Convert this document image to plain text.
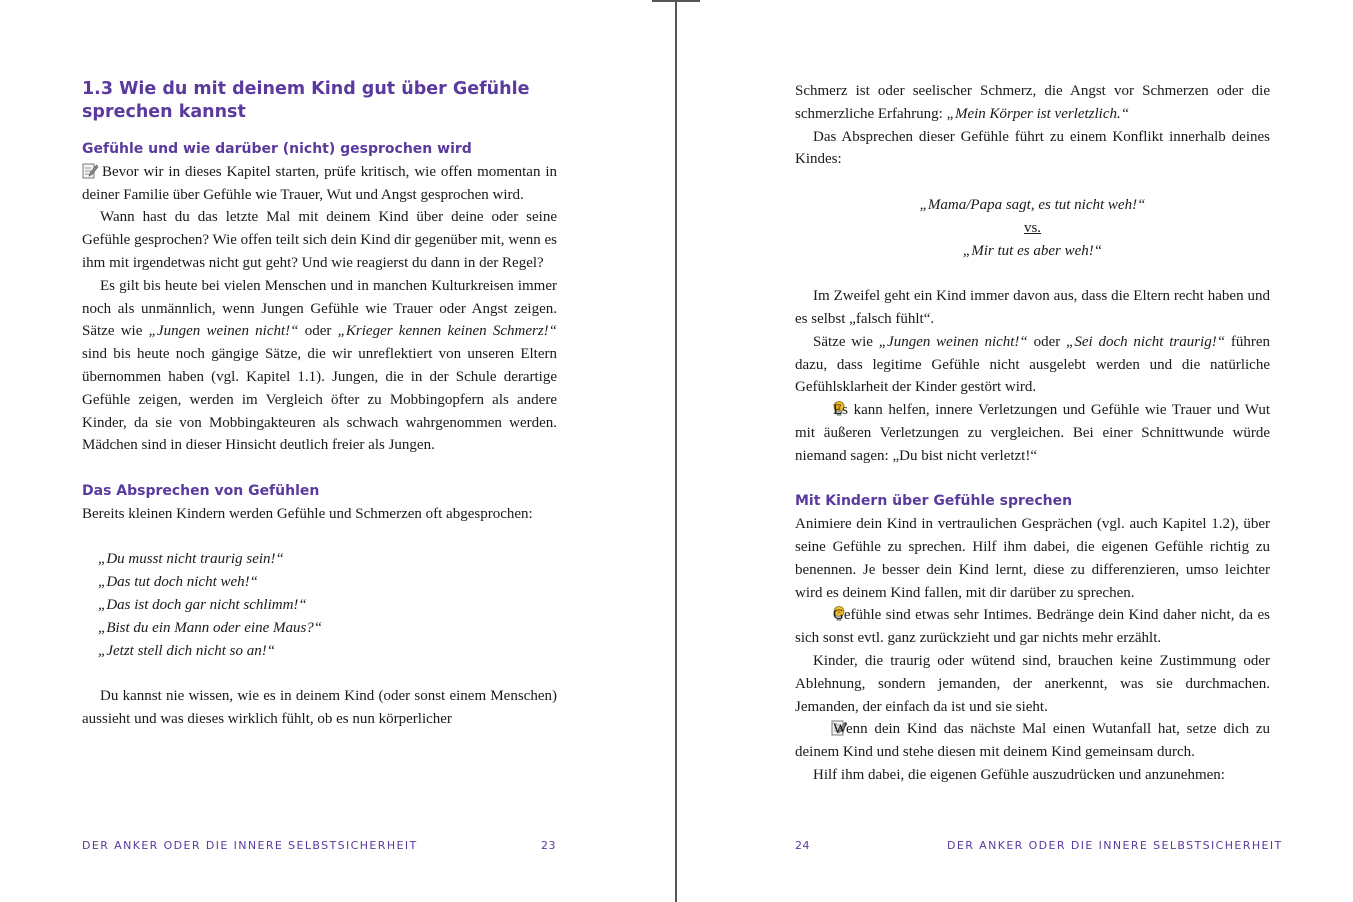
1.3 Wie du mit deinem Kind gut über Gefühle sprechen kannst
Gefühle und wie darüber (nicht) gesprochen wird

Bevor wir in dieses Kapitel starten, prüfe kritisch, wie offen momentan in deiner Familie über Gefühle wie Trauer, Wut und Angst gesprochen wird.

Wann hast du das letzte Mal mit deinem Kind über deine oder seine Gefühle gesprochen? Wie offen teilt sich dein Kind dir gegenüber mit, wenn es ihm mit irgendetwas nicht gut geht? Und wie reagierst du dann in der Regel?

Es gilt bis heute bei vielen Menschen und in manchen Kulturkreisen immer noch als unmännlich, wenn Jungen Gefühle wie Trauer oder Angst zeigen. Sätze wie „Jungen weinen nicht!“ oder „Krieger kennen keinen Schmerz!“ sind bis heute noch gängige Sätze, die wir unreflektiert von unseren Eltern übernommen haben (vgl. Kapitel 1.1). Jungen, die in der Schule derartige Gefühle zeigen, werden im Vergleich öfter zu Mobbingopfern als andere Kinder, da sie von Mobbingakteuren als schwach wahrgenommen werden. Mädchen sind in dieser Hinsicht deutlich freier als Jungen.

Das Absprechen von Gefühlen

Bereits kleinen Kindern werden Gefühle und Schmerzen oft abgesprochen:

„Du musst nicht traurig sein!“
„Das tut doch nicht weh!“
„Das ist doch gar nicht schlimm!“
„Bist du ein Mann oder eine Maus?“
„Jetzt stell dich nicht so an!“

Du kannst nie wissen, wie es in deinem Kind (oder sonst einem Menschen) aussieht und was dieses wirklich fühlt, ob es nun körperlicher

DER ANKER ODER DIE INNERE SELBSTSICHERHEIT	23

Schmerz ist oder seelischer Schmerz, die Angst vor Schmerzen oder die schmerzliche Erfahrung: „Mein Körper ist verletzlich.“

Das Absprechen dieser Gefühle führt zu einem Konflikt innerhalb deines Kindes:

„Mama/Papa sagt, es tut nicht weh!“
vs.
„Mir tut es aber weh!“

Im Zweifel geht ein Kind immer davon aus, dass die Eltern recht haben und es selbst „falsch fühlt“.

Sätze wie „Jungen weinen nicht!“ oder „Sei doch nicht traurig!“ führen dazu, dass legitime Gefühle nicht ausgelebt werden und die natürliche Gefühlsklarheit der Kinder gestört wird.

Es kann helfen, innere Verletzungen und Gefühle wie Trauer und Wut mit äußeren Verletzungen zu vergleichen. Bei einer Schnittwunde würde niemand sagen: „Du bist nicht verletzt!“

Mit Kindern über Gefühle sprechen

Animiere dein Kind in vertraulichen Gesprächen (vgl. auch Kapitel 1.2), über seine Gefühle zu sprechen. Hilf ihm dabei, die eigenen Gefühle richtig zu benennen. Je besser dein Kind lernt, diese zu differenzieren, umso leichter wird es deinem Kind fallen, mit dir darüber zu sprechen.

Gefühle sind etwas sehr Intimes. Bedränge dein Kind daher nicht, da es sich sonst evtl. ganz zurückzieht und gar nichts mehr erzählt.

Kinder, die traurig oder wütend sind, brauchen keine Zustimmung oder Ablehnung, sondern jemanden, der anerkennt, was sie durchmachen. Jemanden, der einfach da ist und sie sieht.

Wenn dein Kind das nächste Mal einen Wutanfall hat, setze dich zu deinem Kind und stehe diesen mit deinem Kind gemeinsam durch.

Hilf ihm dabei, die eigenen Gefühle auszudrücken und anzunehmen:

24	DER ANKER ODER DIE INNERE SELBSTSICHERHEIT
